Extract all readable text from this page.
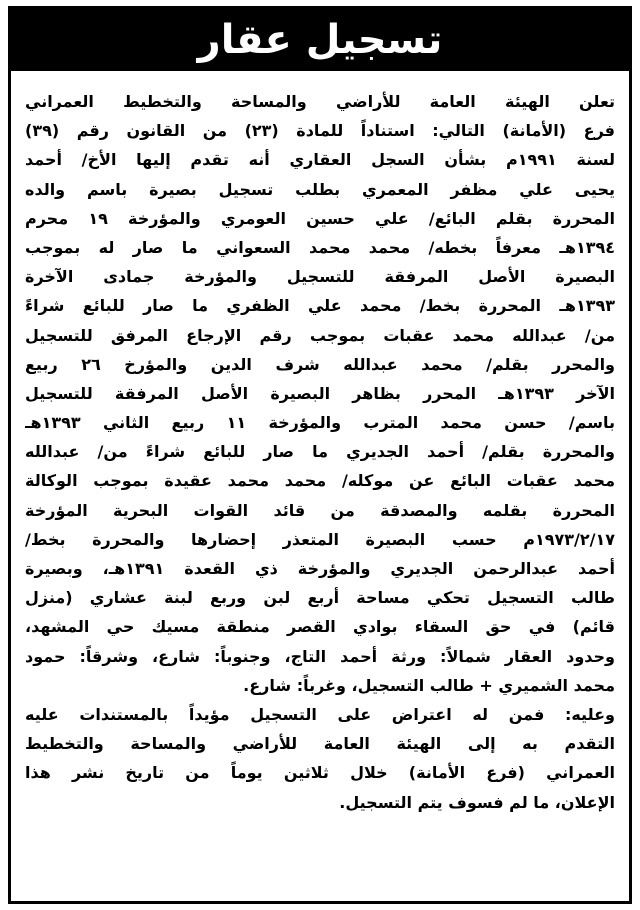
تسجيل عقار
تعلن الهيئة العامة للأراضي والمساحة والتخطيط العمراني
فرع (الأمانة) التالي: استناداً للمادة (٢٣) من القانون رقم (٣٩)
لسنة ١٩٩١م بشأن السجل العقاري أنه تقدم إليها الأخ/ أحمد
يحيى علي مظفر المعمري بطلب تسجيل بصيرة باسم والده
المحررة بقلم البائع/ علي حسين العومري والمؤرخة ١٩ محرم
١٣٩٤هـ معرفاً بخطه/ محمد محمد السعواني ما صار له بموجب
البصيرة الأصل المرفقة للتسجيل والمؤرخة جمادى الآخرة
١٣٩٣هـ المحررة بخط/ محمد علي الظفري ما صار للبائع شراءً
من/ عبدالله محمد عقبات بموجب رقم الإرجاع المرفق للتسجيل
والمحرر بقلم/ محمد عبدالله شرف الدين والمؤرخ ٢٦ ربيع
الآخر ١٣٩٣هـ المحرر بظاهر البصيرة الأصل المرفقة للتسجيل
باسم/ حسن محمد المترب والمؤرخة ١١ ربيع الثاني ١٣٩٣هـ
والمحررة بقلم/ أحمد الجديري ما صار للبائع شراءً من/ عبدالله
محمد عقبات البائع عن موكله/ محمد محمد عقيدة بموجب الوكالة
المحررة بقلمه والمصدقة من قائد القوات البحرية المؤرخة
١٩٧٣/٢/١٧م حسب البصيرة المتعذر إحضارها والمحررة بخط/
أحمد عبدالرحمن الجديري والمؤرخة ذي القعدة ١٣٩١هـ، وبصيرة
طالب التسجيل تحكي مساحة أربع لبن وربع لبنة عشاري (منزل
قائم) في حق السقاء بوادي القصر منطقة مسيك حي المشهد،
وحدود العقار شمالاً: ورثة أحمد التاج، وجنوباً: شارع، وشرقاً: حمود
محمد الشميري + طالب التسجيل، وغرباً: شارع.
وعليه: فمن له اعتراض على التسجيل مؤيداً بالمستندات عليه
التقدم به إلى الهيئة العامة للأراضي والمساحة والتخطيط
العمراني (فرع الأمانة) خلال ثلاثين يوماً من تاريخ نشر هذا
الإعلان، ما لم فسوف يتم التسجيل.
